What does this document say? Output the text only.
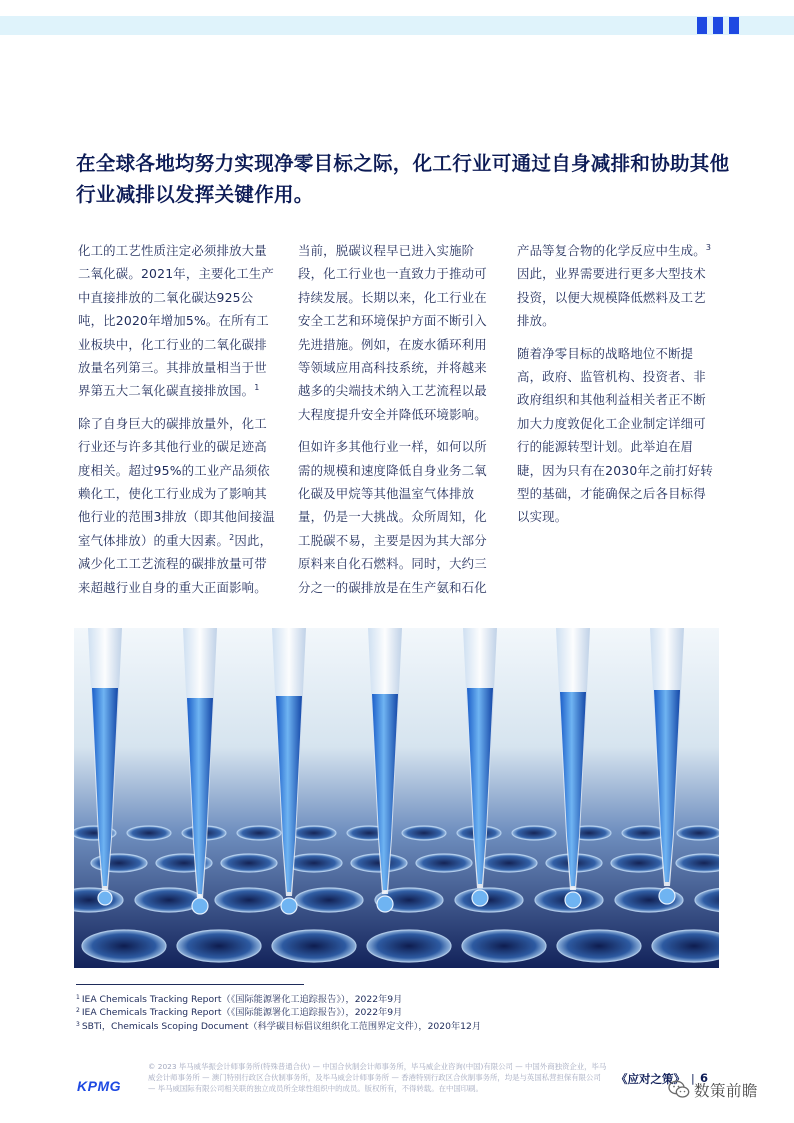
在全球各地均努力实现净零目标之际，化工行业可通过自身减排和协助其他
行业减排以发挥关键作用。

化工的工艺性质注定必须排放大量二氧化碳。2021年，主要化工生产中直接排放的二氧化碳达925公吨，比2020年增加5%。在所有工业板块中，化工行业的二氧化碳排放量名列第三。其排放量相当于世界第五大二氧化碳直接排放国。$^1$

除了自身巨大的碳排放量外，化工行业还与许多其他行业的碳足迹高度相关。超过95%的工业产品须依赖化工，使化工行业成为了影响其他行业的范围3排放（即其他间接温室气体排放）的重大因素。$^2$因此，减少化工工艺流程的碳排放量可带来超越行业自身的重大正面影响。

当前，脱碳议程早已进入实施阶段，化工行业也一直致力于推动可持续发展。长期以来，化工行业在安全工艺和环境保护方面不断引入先进措施。例如，在废水循环利用等领域应用高科技系统，并将越来越多的尖端技术纳入工艺流程以最大程度提升安全并降低环境影响。

但如许多其他行业一样，如何以所需的规模和速度降低自身业务二氧化碳及甲烷等其他温室气体排放量，仍是一大挑战。众所周知，化工脱碳不易，主要是因为其大部分原料来自化石燃料。同时，大约三分之一的碳排放是在生产氨和石化

产品等复合物的化学反应中生成。$^3$因此，业界需要进行更多大型技术投资，以便大规模降低燃料及工艺排放。

随着净零目标的战略地位不断提高，政府、监管机构、投资者、非政府组织和其他利益相关者正不断加大力度敦促化工企业制定详细可行的能源转型计划。此举迫在眉睫，因为只有在2030年之前打好转型的基础，才能确保之后各目标得以实现。

$^1$ IEA Chemicals Tracking Report（《国际能源署化工追踪报告》），2022年9月
$^2$ IEA Chemicals Tracking Report（《国际能源署化工追踪报告》），2022年9月
$^3$ SBTi，Chemicals Scoping Document（科学碳目标倡议组织化工范围界定文件），2020年12月
KPMG
© 2023 毕马威华振会计师事务所(特殊普通合伙) — 中国合伙制会计师事务所，毕马威企业咨询(中国)有限公司 — 中国外商独资企业，毕马威会计师事务所 — 澳门特别行政区合伙制事务所，及毕马威会计师事务所 — 香港特别行政区合伙制事务所，均是与英国私营担保有限公司 — 毕马威国际有限公司相关联的独立成员所全球性组织中的成员。版权所有，不得转载。在中国印刷。
《应对之策》 | 6
数策前瞻
